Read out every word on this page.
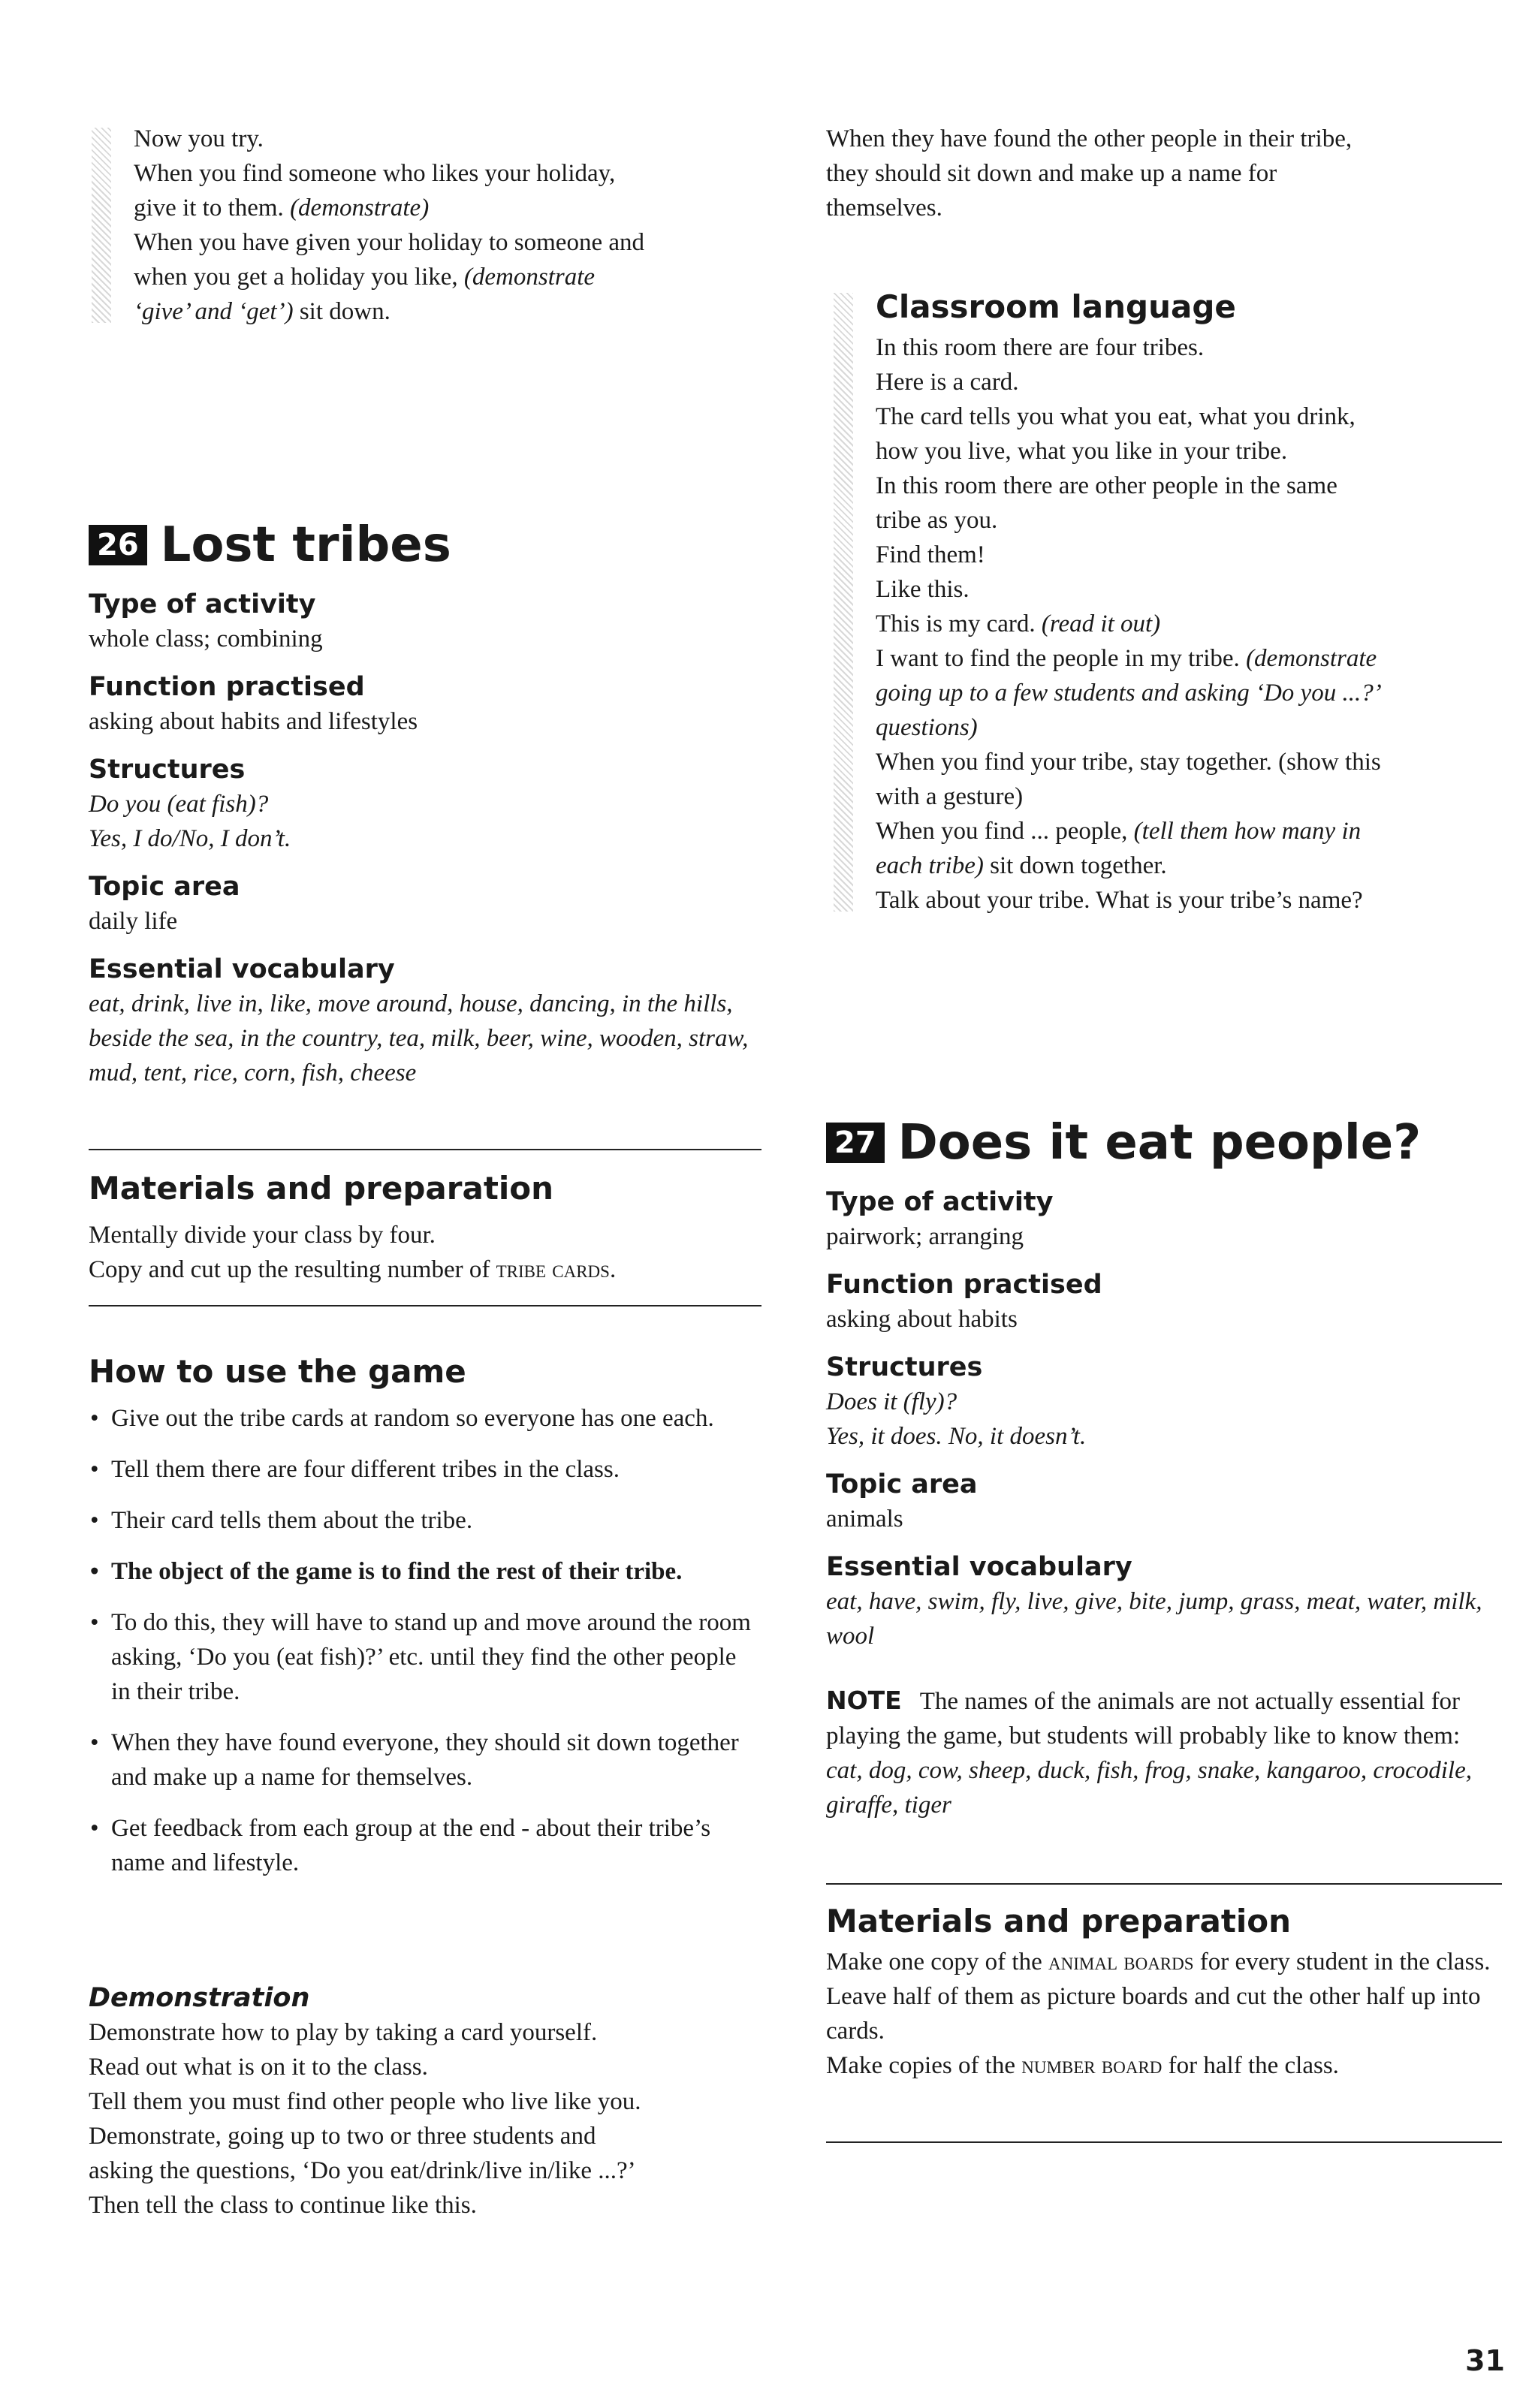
Now you try.

When you find someone who likes your holiday,

give it to them. (demonstrate)

When you have given your holiday to someone and

when you get a holiday you like, (demonstrate

‘give’ and ‘get’) sit down.

26 Lost tribes
Type of activity

whole class; combining

Function practised

asking about habits and lifestyles

Structures

Do you (eat fish)?

Yes, I do/No, I don’t.

Topic area

daily life

Essential vocabulary

eat, drink, live in, like, move around, house, dancing, in the hills, beside the sea, in the country, tea, milk, beer, wine, wooden, straw, mud, tent, rice, corn, fish, cheese

Materials and preparation

Mentally divide your class by four.

Copy and cut up the resulting number of tribe cards.

How to use the game
• Give out the tribe cards at random so everyone has one each.
• Tell them there are four different tribes in the class.
• Their card tells them about the tribe.
• The object of the game is to find the rest of their tribe.
• To do this, they will have to stand up and move around the room asking, ‘Do you (eat fish)?’ etc. until they find the other people in their tribe.
• When they have found everyone, they should sit down together and make up a name for themselves.
• Get feedback from each group at the end - about their tribe’s name and lifestyle.
Demonstration

Demonstrate how to play by taking a card yourself.

Read out what is on it to the class.

Tell them you must find other people who live like you.

Demonstrate, going up to two or three students and

asking the questions, ‘Do you eat/drink/live in/like ...?’

Then tell the class to continue like this.

When they have found the other people in their tribe,

they should sit down and make up a name for

themselves.

Classroom language

In this room there are four tribes.

Here is a card.

The card tells you what you eat, what you drink,

how you live, what you like in your tribe.

In this room there are other people in the same

tribe as you.

Find them!

Like this.

This is my card. (read it out)

I want to find the people in my tribe. (demonstrate

going up to a few students and asking ‘Do you ...?’

questions)

When you find your tribe, stay together. (show this

with a gesture)

When you find ... people, (tell them how many in

each tribe) sit down together.

Talk about your tribe. What is your tribe’s name?

27 Does it eat people?
Type of activity

pairwork; arranging

Function practised

asking about habits

Structures

Does it (fly)?

Yes, it does. No, it doesn’t.

Topic area

animals

Essential vocabulary

eat, have, swim, fly, live, give, bite, jump, grass, meat, water, milk, wool

NOTE The names of the animals are not actually essential for playing the game, but students will probably like to know them: cat, dog, cow, sheep, duck, fish, frog, snake, kangaroo, crocodile, giraffe, tiger

Materials and preparation

Make one copy of the animal boards for every student in the class.

Leave half of them as picture boards and cut the other half up into cards.

Make copies of the number board for half the class.

31
